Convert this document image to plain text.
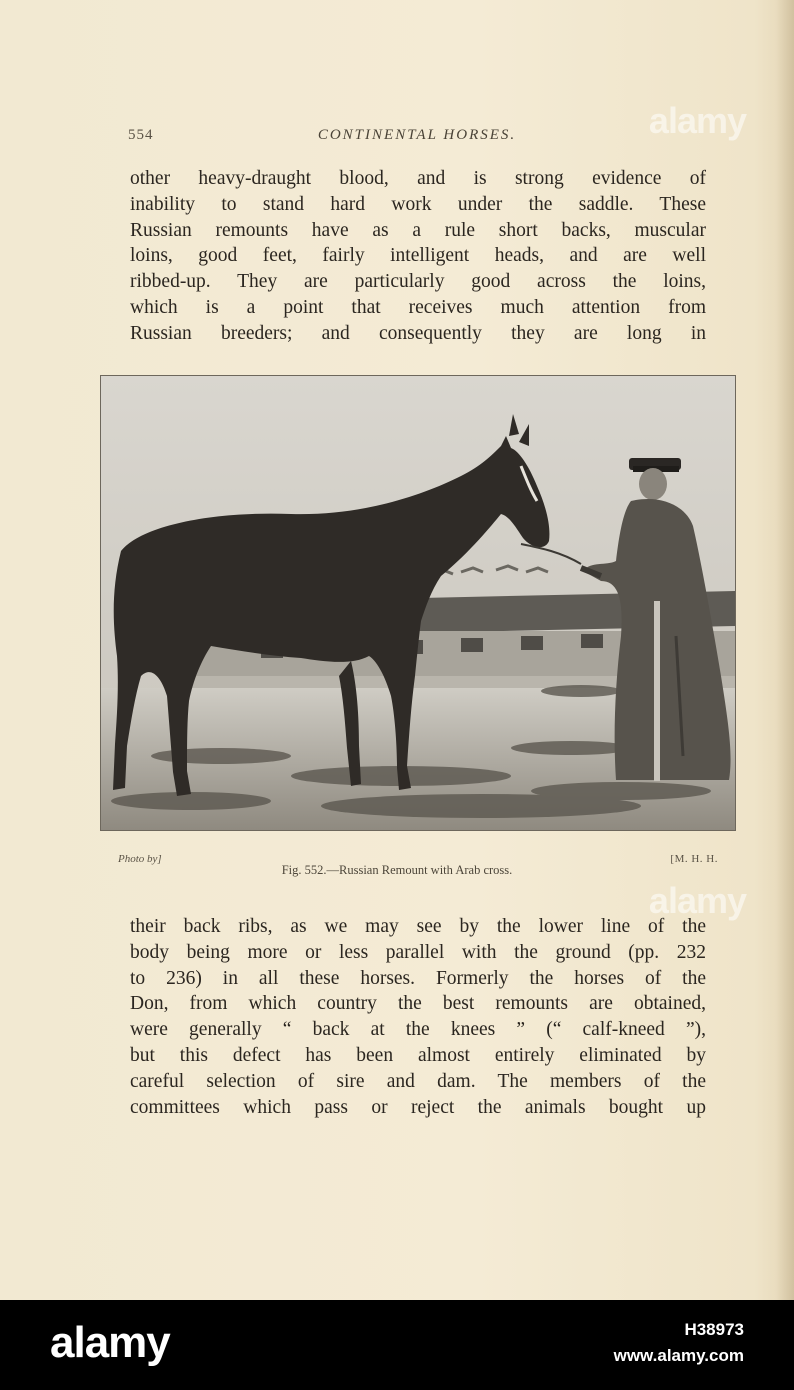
554	CONTINENTAL HORSES.

other heavy-draught blood, and is strong evidence of
inability to stand hard work under the saddle. These
Russian remounts have as a rule short backs, muscular
loins, good feet, fairly intelligent heads, and are well
ribbed-up. They are particularly good across the loins,
which is a point that receives much attention from
Russian breeders; and consequently they are long in

Photo by]	[M. H. H.
Fig. 552.—Russian Remount with Arab cross.

their back ribs, as we may see by the lower line of the
body being more or less parallel with the ground (pp. 232
to 236) in all these horses. Formerly the horses of the
Don, from which country the best remounts are obtained,
were generally “ back at the knees ” (“ calf-kneed ”),
but this defect has been almost entirely eliminated by
careful selection of sire and dam. The members of the
committees which pass or reject the animals bought up

alamy
alamy
alamy	H38973
www.alamy.com
